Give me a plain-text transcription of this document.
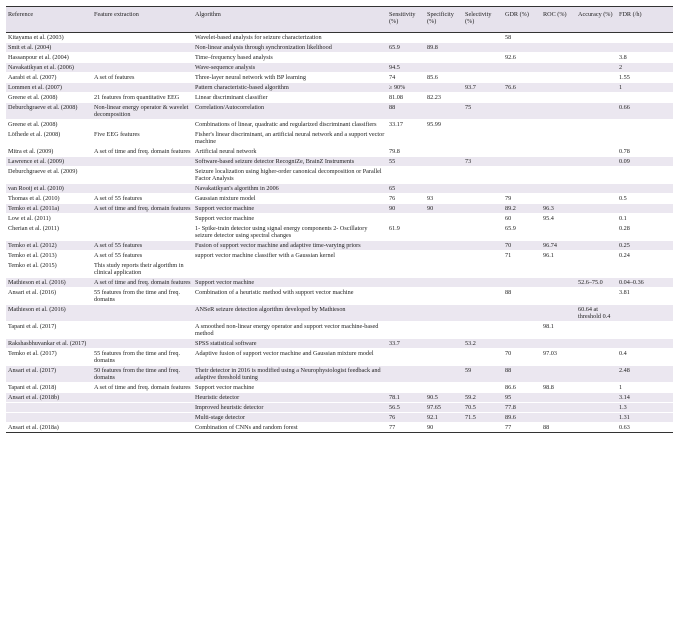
Reference	Feature extraction	Algorithm	Sensitivity (%)	Specificity (%)	Selectivity (%)	GDR (%)	ROC (%)	Accuracy (%)	FDR (/h)
Kitayama et al. (2003)		Wavelet-based analysis for seizure characterization				58			
Smit et al. (2004)		Non-linear analysis through synchronization likelihood	65.9	89.8					
Hassanpour et al. (2004)		Time–frequency based analysis				92.6			3.8
Navakatikyan et al. (2006)		Wave-sequence analysis	94.5						2
Aarabi et al. (2007)	A set of features	Three-layer neural network with BP learning	74	85.6					1.55
Lommen et al. (2007)		Pattern characteristic-based algorithm	≥ 90%		93.7	76.6			1
Greene et al. (2008)	21 features from quantitative EEG	Linear discriminant classifier	81.08	82.23					
Deburchgraeve et al. (2008)	Non-linear energy operator & wavelet decomposition	Correlation/Autocorrelation	88		75				0.66
Greene et al. (2008)		Combinations of linear, quadratic and regularized discriminant classifiers	33.17	95.99					
Löfhede et al. (2008)	Five EEG features	Fisher's linear discriminant, an artificial neural network and a support vector machine							
Mitra et al. (2009)	A set of time and freq. domain features	Artificial neural network	79.8						0.78
Lawrence et al. (2009)		Software-based seizure detector RecogniZe, BrainZ Instruments	55		73				0.09
Deburchgraeve et al. (2009)		Seizure localization using higher-order canonical decomposition or Parallel Factor Analysis							
van Rooij et al. (2010)		Navakatikyan's algorithm in 2006	65						
Thomas et al. (2010)	A set of 55 features	Gaussian mixture model	76	93		79			0.5
Temko et al. (2011a)	A set of time and freq. domain features	Support vector machine	90	90		89.2	96.3		
Low et al. (2011)		Support vector machine				60	95.4		0.1
Cherian et al. (2011)		1- Spike-train detector using signal energy components 2- Oscillatory seizure detector using spectral changes	61.9			65.9			0.28
Temko et al. (2012)	A set of 55 features	Fusion of support vector machine and adaptive time-varying priors				70	96.74		0.25
Temko et al. (2013)	A set of 55 features	support vector machine classifier with a Gaussian kernel				71	96.1		0.24
Temko et al. (2015)	This study reports their algorithm in clinical application								
Mathieson et al. (2016)	A set of time and freq. domain features	Support vector machine						52.6–75.0	0.04–0.36
Ansari et al. (2016)	55 features from the time and freq. domains	Combination of a heuristic method with support vector machine				88			3.81
Mathieson et al. (2016)		ANSeR seizure detection algorithm developed by Mathieson						60.64 at threshold 0.4	
Tapani et al. (2017)		A smoothed non-linear energy operator and support vector machine-based method					98.1		
Rakshasbhuvankar et al. (2017)		SPSS statistical software	33.7		53.2				
Temko et al. (2017)	55 features from the time and freq. domains	Adaptive fusion of support vector machine and Gaussian mixture model				70	97.03		0.4
Ansari et al. (2017)	50 features from the time and freq. domains	Their detector in 2016 is modified using a Neurophysiologist feedback and adaptive threshold tuning			59	88			2.48
Tapani et al. (2018)	A set of time and freq. domain features	Support vector machine				86.6	98.8		1
Ansari et al. (2018b)		Heuristic detector	78.1	90.5	59.2	95			3.14
		Improved heuristic detector	56.5	97.65	70.5	77.8			1.3
		Multi-stage detector	76	92.1	71.5	89.6			1.31
Ansari et al. (2018a)		Combination of CNNs and random forest	77	90		77	88		0.63
